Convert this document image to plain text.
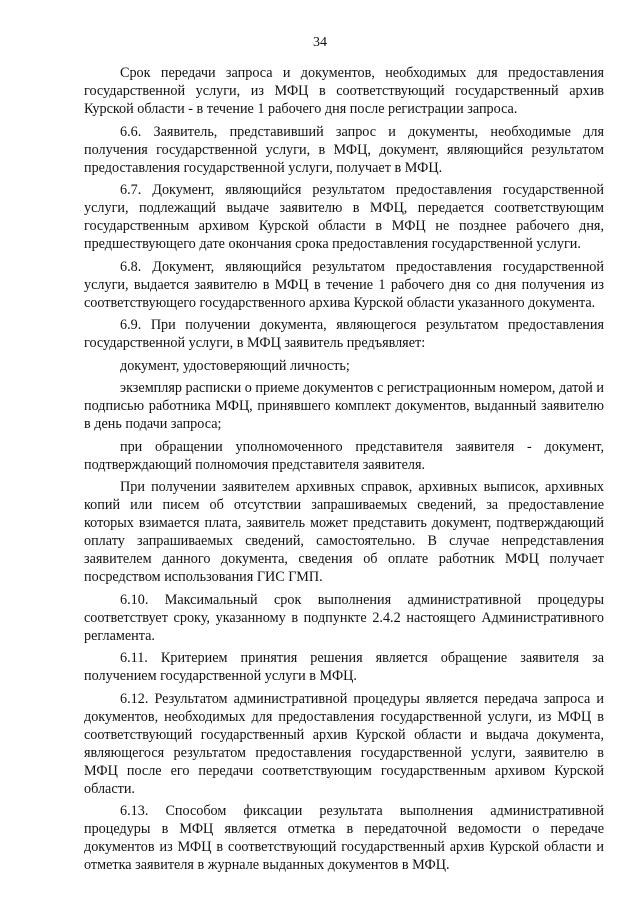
34

Срок передачи запроса и документов, необходимых для предоставления государственной услуги, из МФЦ в соответствующий государственный архив Курской области - в течение 1 рабочего дня после регистрации запроса.

6.6. Заявитель, представивший запрос и документы, необходимые для получения государственной услуги, в МФЦ, документ, являющийся результатом предоставления государственной услуги, получает в МФЦ.

6.7. Документ, являющийся результатом предоставления государственной услуги, подлежащий выдаче заявителю в МФЦ, передается соответствующим государственным архивом Курской области в МФЦ не позднее рабочего дня, предшествующего дате окончания срока предоставления государственной услуги.

6.8. Документ, являющийся результатом предоставления государственной услуги, выдается заявителю в МФЦ в течение 1 рабочего дня со дня получения из соответствующего государственного архива Курской области указанного документа.

6.9. При получении документа, являющегося результатом предоставления государственной услуги, в МФЦ заявитель предъявляет:

документ, удостоверяющий личность;

экземпляр расписки о приеме документов с регистрационным номером, датой и подписью работника МФЦ, принявшего комплект документов, выданный заявителю в день подачи запроса;

при обращении уполномоченного представителя заявителя - документ, подтверждающий полномочия представителя заявителя.

При получении заявителем архивных справок, архивных выписок, архивных копий или писем об отсутствии запрашиваемых сведений, за предоставление которых взимается плата, заявитель может представить документ, подтверждающий оплату запрашиваемых сведений, самостоятельно. В случае непредставления заявителем данного документа, сведения об оплате работник МФЦ получает посредством использования ГИС ГМП.

6.10. Максимальный срок выполнения административной процедуры соответствует сроку, указанному в подпункте 2.4.2 настоящего Административного регламента.

6.11. Критерием принятия решения является обращение заявителя за получением государственной услуги в МФЦ.

6.12. Результатом административной процедуры является передача запроса и документов, необходимых для предоставления государственной услуги, из МФЦ в соответствующий государственный архив Курской области и выдача документа, являющегося результатом предоставления государственной услуги, заявителю в МФЦ после его передачи соответствующим государственным архивом Курской области.

6.13. Способом фиксации результата выполнения административной процедуры в МФЦ является отметка в передаточной ведомости о передаче документов из МФЦ в соответствующий государственный архив Курской области и отметка заявителя в журнале выданных документов в МФЦ.
